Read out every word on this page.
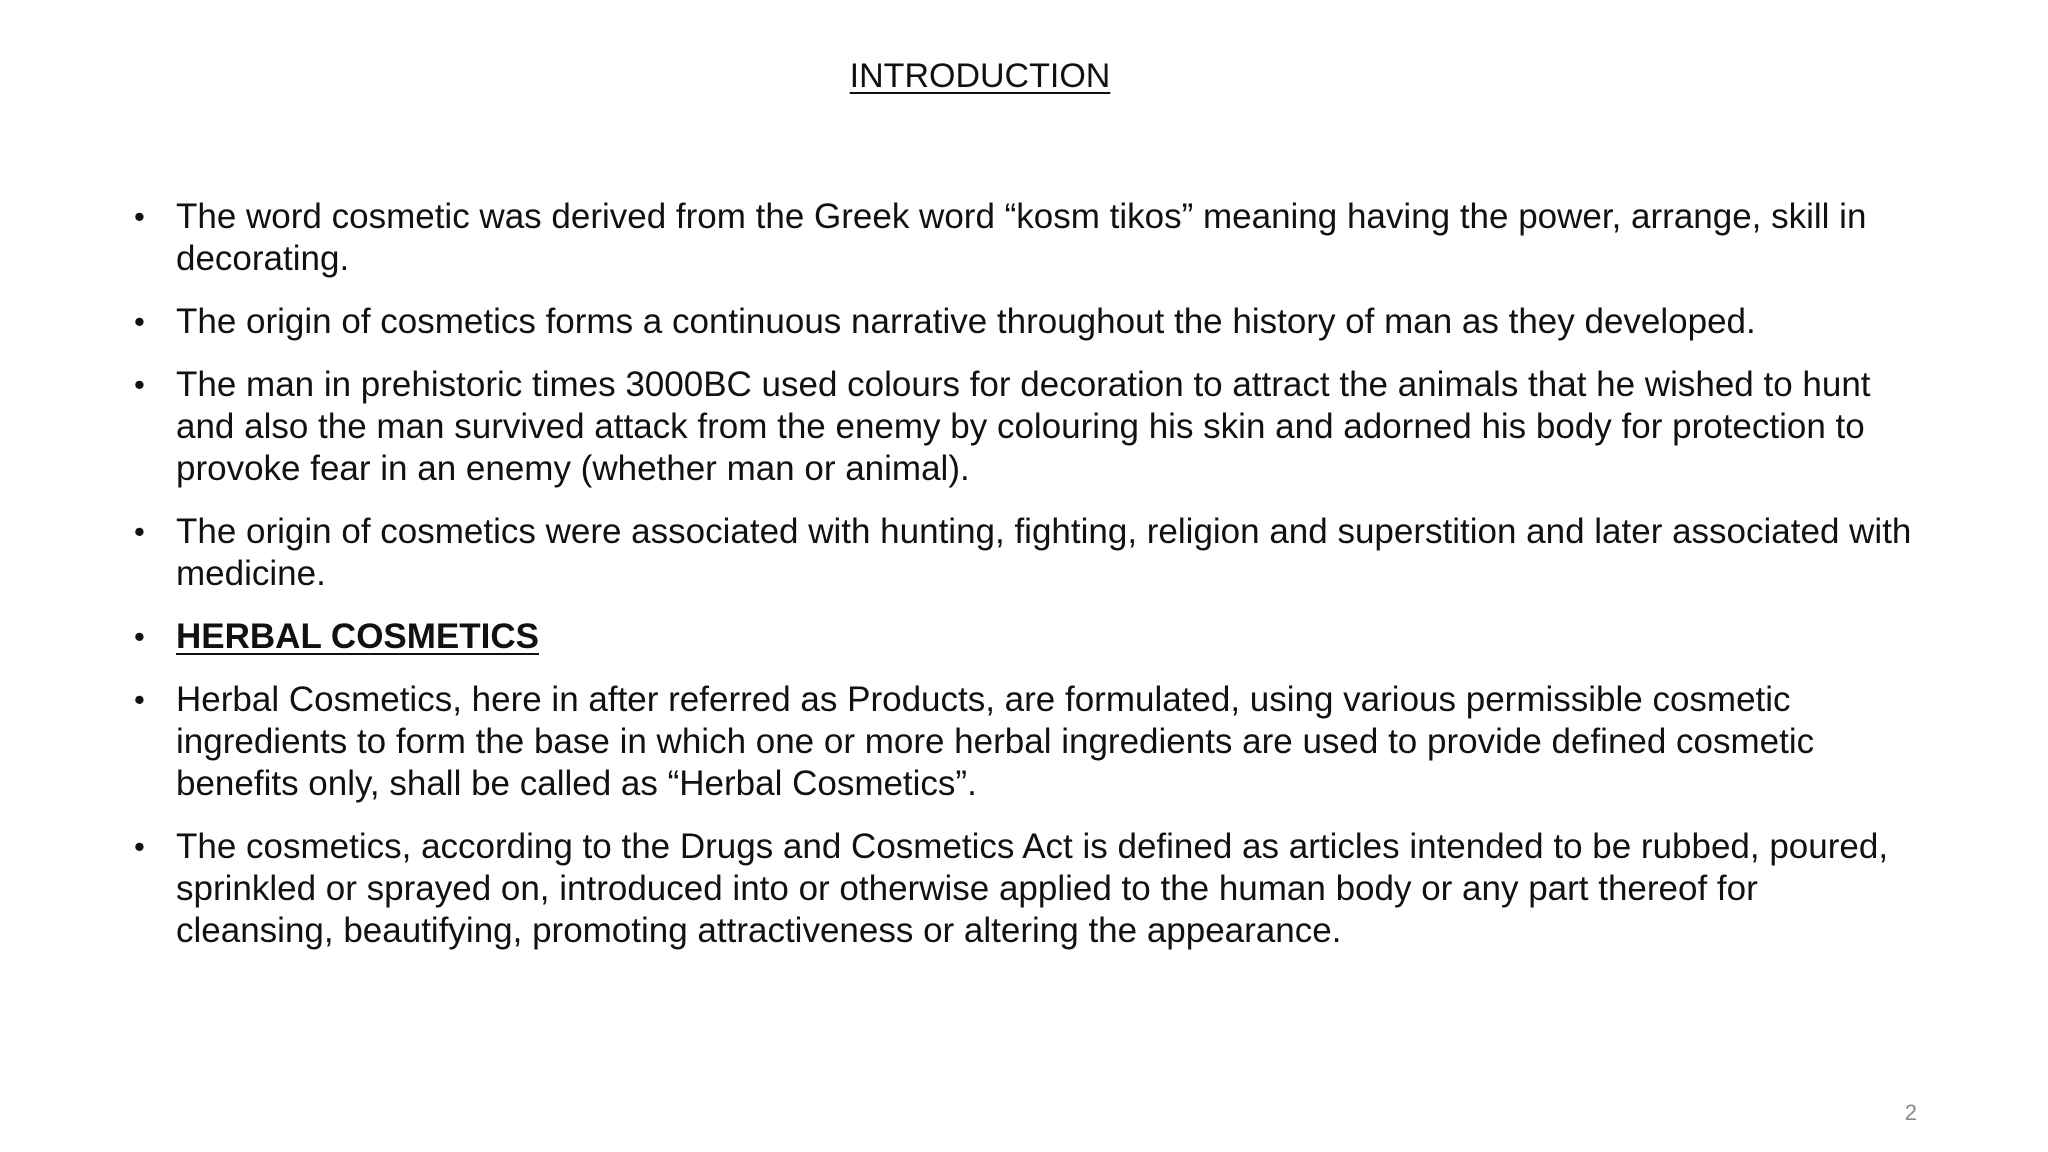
INTRODUCTION
• The word cosmetic was derived from the Greek word “kosm tikos” meaning having the power, arrange, skill in decorating.
• The origin of cosmetics forms a continuous narrative throughout the history of man as they developed.
• The man in prehistoric times 3000BC used colours for decoration to attract the animals that he wished to hunt and also the man survived attack from the enemy by colouring his skin and adorned his body for protection to provoke fear in an enemy (whether man or animal).
• The origin of cosmetics were associated with hunting, fighting, religion and superstition and later associated with medicine.
• HERBAL COSMETICS
• Herbal Cosmetics, here in after referred as Products, are formulated, using various permissible cosmetic ingredients to form the base in which one or more herbal ingredients are used to provide defined cosmetic benefits only, shall be called as “Herbal Cosmetics”.
• The cosmetics, according to the Drugs and Cosmetics Act is defined as articles intended to be rubbed, poured, sprinkled or sprayed on, introduced into or otherwise applied to the human body or any part thereof for cleansing, beautifying, promoting attractiveness or altering the appearance.
2
